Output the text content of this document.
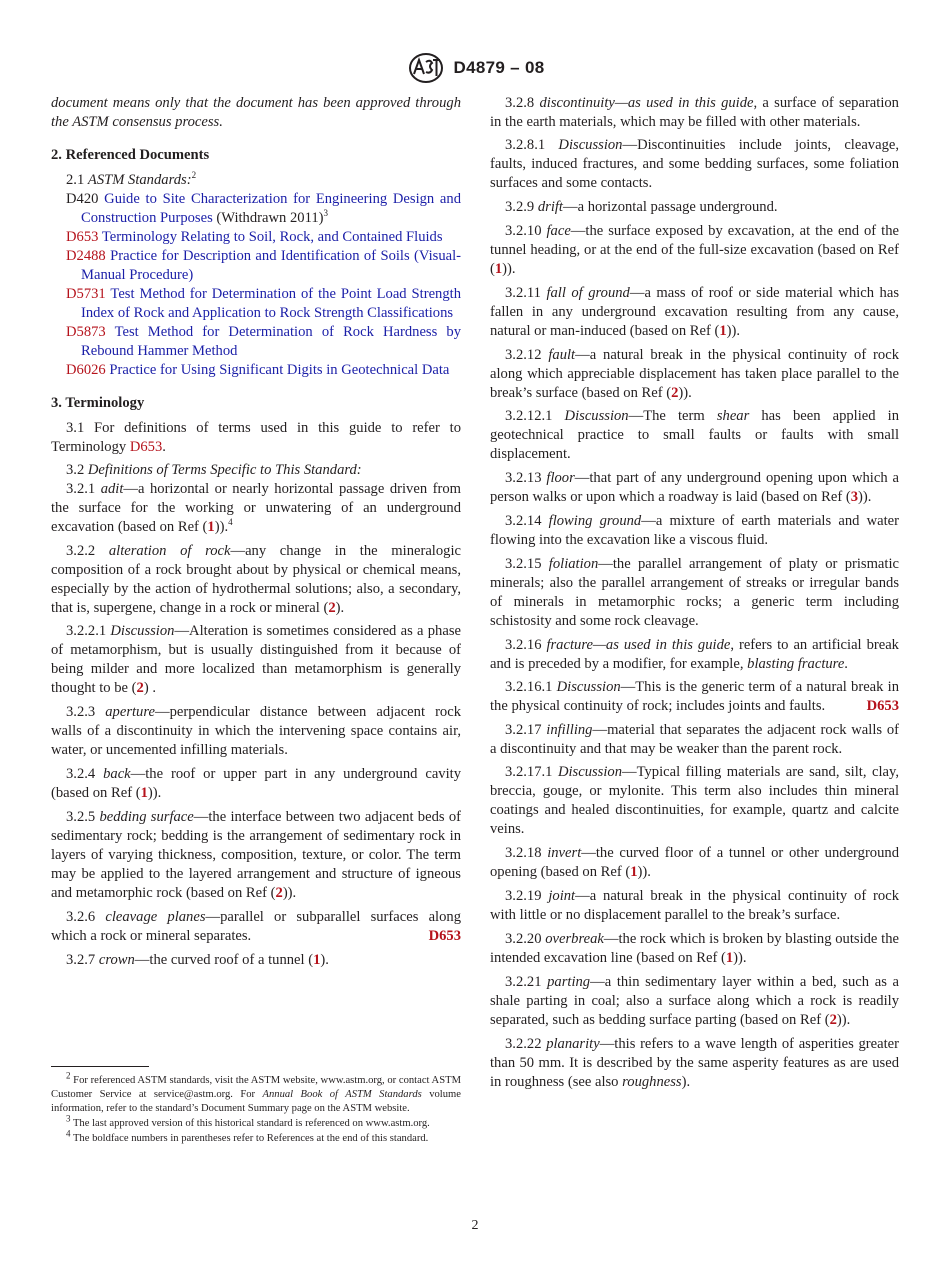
D4879 – 08

document means only that the document has been approved through the ASTM consensus process.

2. Referenced Documents

2.1 ASTM Standards:$^2$

D420 Guide to Site Characterization for Engineering Design and Construction Purposes (Withdrawn 2011)$^3$
D653 Terminology Relating to Soil, Rock, and Contained Fluids
D2488 Practice for Description and Identification of Soils (Visual-Manual Procedure)
D5731 Test Method for Determination of the Point Load Strength Index of Rock and Application to Rock Strength Classifications
D5873 Test Method for Determination of Rock Hardness by Rebound Hammer Method
D6026 Practice for Using Significant Digits in Geotechnical Data
3. Terminology

3.1 For definitions of terms used in this guide to refer to Terminology D653.

3.2 Definitions of Terms Specific to This Standard:

3.2.1 adit—a horizontal or nearly horizontal passage driven from the surface for the working or unwatering of an underground excavation (based on Ref (1)).$^4$

3.2.2 alteration of rock—any change in the mineralogic composition of a rock brought about by physical or chemical means, especially by the action of hydrothermal solutions; also, a secondary, that is, supergene, change in a rock or mineral (2).

3.2.2.1 Discussion—Alteration is sometimes considered as a phase of metamorphism, but is usually distinguished from it because of being milder and more localized than metamorphism is generally thought to be (2) .

3.2.3 aperture—perpendicular distance between adjacent rock walls of a discontinuity in which the intervening space contains air, water, or uncemented infilling materials.

3.2.4 back—the roof or upper part in any underground cavity (based on Ref (1)).

3.2.5 bedding surface—the interface between two adjacent beds of sedimentary rock; bedding is the arrangement of sedimentary rock in layers of varying thickness, composition, texture, or color. The term may be applied to the layered arrangement and structure of igneous and metamorphic rock (based on Ref (2)).

3.2.6 cleavage planes—parallel or subparallel surfaces along which a rock or mineral separates.	D653

3.2.7 crown—the curved roof of a tunnel (1).

$^2$ For referenced ASTM standards, visit the ASTM website, www.astm.org, or contact ASTM Customer Service at service@astm.org. For Annual Book of ASTM Standards volume information, refer to the standard’s Document Summary page on the ASTM website.

$^3$ The last approved version of this historical standard is referenced on www.astm.org.

$^4$ The boldface numbers in parentheses refer to References at the end of this standard.

3.2.8 discontinuity—as used in this guide, a surface of separation in the earth materials, which may be filled with other materials.

3.2.8.1 Discussion—Discontinuities include joints, cleavage, faults, induced fractures, and some bedding surfaces, some foliation surfaces and some contacts.

3.2.9 drift—a horizontal passage underground.

3.2.10 face—the surface exposed by excavation, at the end of the tunnel heading, or at the end of the full-size excavation (based on Ref (1)).

3.2.11 fall of ground—a mass of roof or side material which has fallen in any underground excavation resulting from any cause, natural or man-induced (based on Ref (1)).

3.2.12 fault—a natural break in the physical continuity of rock along which appreciable displacement has taken place parallel to the break’s surface (based on Ref (2)).

3.2.12.1 Discussion—The term shear has been applied in geotechnical practice to small faults or faults with small displacement.

3.2.13 floor—that part of any underground opening upon which a person walks or upon which a roadway is laid (based on Ref (3)).

3.2.14 flowing ground—a mixture of earth materials and water flowing into the excavation like a viscous fluid.

3.2.15 foliation—the parallel arrangement of platy or prismatic minerals; also the parallel arrangement of streaks or irregular bands of minerals in metamorphic rocks; a generic term including schistosity and some rock cleavage.

3.2.16 fracture—as used in this guide, refers to an artificial break and is preceded by a modifier, for example, blasting fracture.

3.2.16.1 Discussion—This is the generic term of a natural break in the physical continuity of rock; includes joints and faults.	D653

3.2.17 infilling—material that separates the adjacent rock walls of a discontinuity and that may be weaker than the parent rock.

3.2.17.1 Discussion—Typical filling materials are sand, silt, clay, breccia, gouge, or mylonite. This term also includes thin mineral coatings and healed discontinuities, for example, quartz and calcite veins.

3.2.18 invert—the curved floor of a tunnel or other underground opening (based on Ref (1)).

3.2.19 joint—a natural break in the physical continuity of rock with little or no displacement parallel to the break’s surface.

3.2.20 overbreak—the rock which is broken by blasting outside the intended excavation line (based on Ref (1)).

3.2.21 parting—a thin sedimentary layer within a bed, such as a shale parting in coal; also a surface along which a rock is readily separated, such as bedding surface parting (based on Ref (2)).

3.2.22 planarity—this refers to a wave length of asperities greater than 50 mm. It is described by the same asperity features as are used in roughness (see also roughness).

2
